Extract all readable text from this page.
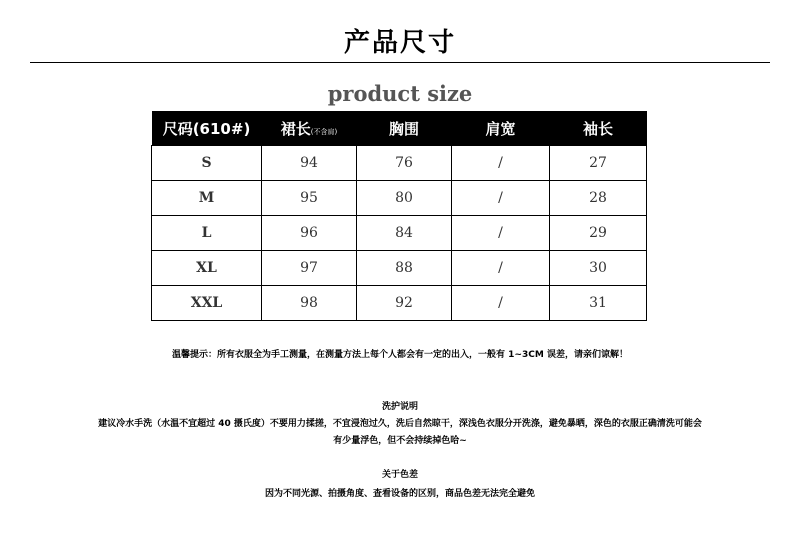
产品尺寸
product size
尺码(610#)	裙长(不含肩)	胸围	肩宽	袖长
S	94	76	/	27
M	95	80	/	28
L	96	84	/	29
XL	97	88	/	30
XXL	98	92	/	31
温馨提示：所有衣服全为手工测量，在测量方法上每个人都会有一定的出入，一般有 1~3CM 误差，请亲们谅解！
洗护说明
建议冷水手洗（水温不宜超过 40 摄氏度）不要用力揉搓，不宜浸泡过久，洗后自然晾干，深浅色衣服分开洗涤，避免暴晒，深色的衣服正确清洗可能会
有少量浮色，但不会持续掉色哈~
关于色差
因为不同光源、拍摄角度、查看设备的区别，商品色差无法完全避免
